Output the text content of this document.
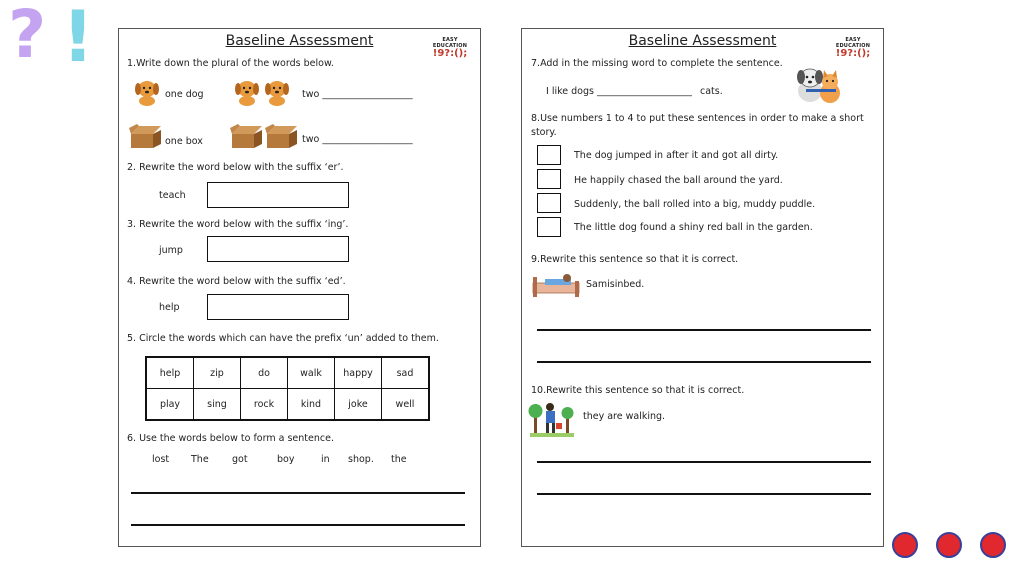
? !	Baseline Assessment	EASY EDUCATION
!9?:();
1.Write down the plural of the words below.
one dog	two ___________________
one box	two ___________________
2. Rewrite the word below with the suffix ‘er’.
teach
3. Rewrite the word below with the suffix ‘ing’.
jump
4. Rewrite the word below with the suffix ‘ed’.
help
5. Circle the words which can have the prefix ‘un’ added to them.
help	zip	do	walk	happy	sad
play	sing	rock	kind	joke	well
6. Use the words below to form a sentence.
lost The got	boy	in shop. the
Baseline Assessment	EASY EDUCATION
!9?:();
7.Add in the missing word to complete the sentence.
I like dogs ____________________ cats.
8.Use numbers 1 to 4 to put these sentences in order to make a short
story.
The dog jumped in after it and got all dirty.
He happily chased the ball around the yard.
Suddenly, the ball rolled into a big, muddy puddle.
The little dog found a shiny red ball in the garden.
9.Rewrite this sentence so that it is correct.
Samisinbed.
10.Rewrite this sentence so that it is correct.
they are walking.
